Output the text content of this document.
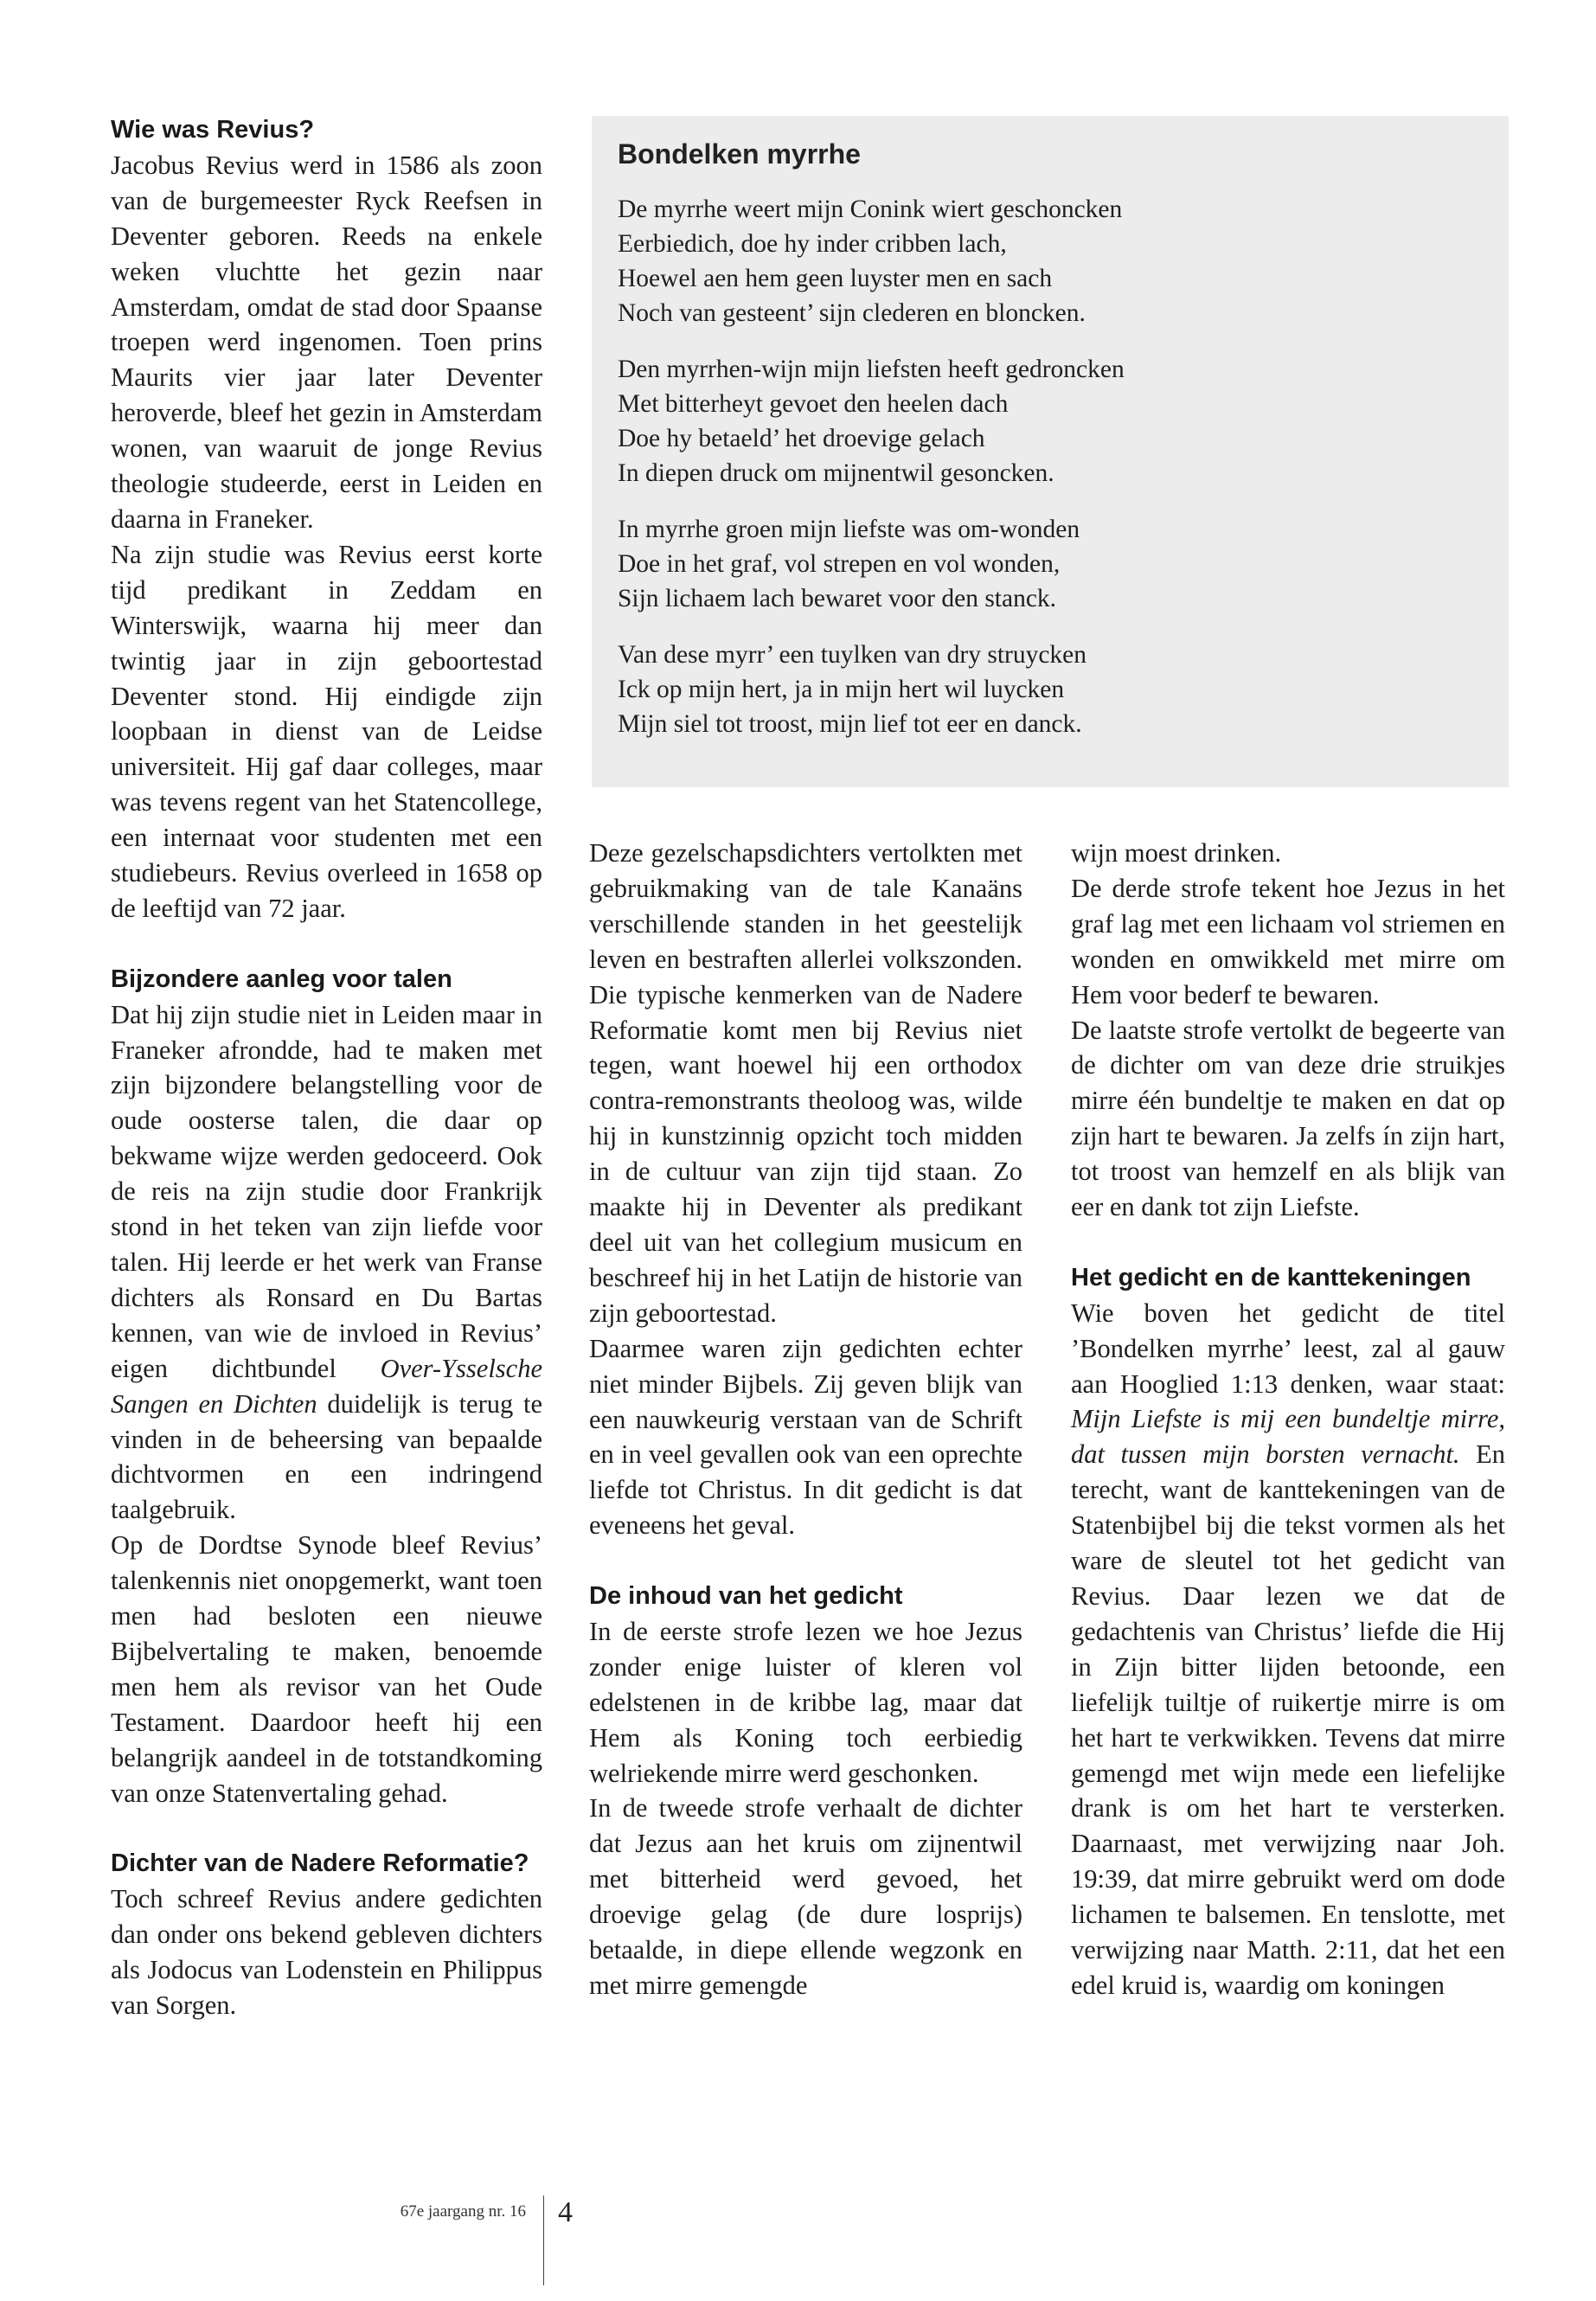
Wie was Revius?

Jacobus Revius werd in 1586 als zoon van de burgemeester Ryck Reefsen in Deventer geboren. Reeds na enkele weken vluchtte het gezin naar Amsterdam, omdat de stad door Spaanse troepen werd ingenomen. Toen prins Maurits vier jaar later Deventer heroverde, bleef het gezin in Amsterdam wonen, van waaruit de jonge Revius theologie studeerde, eerst in Leiden en daarna in Franeker.

Na zijn studie was Revius eerst korte tijd predikant in Zeddam en Winterswijk, waarna hij meer dan twintig jaar in zijn geboortestad Deventer stond. Hij eindigde zijn loopbaan in dienst van de Leidse universiteit. Hij gaf daar colleges, maar was tevens regent van het Statencollege, een internaat voor studenten met een studiebeurs. Revius overleed in 1658 op de leeftijd van 72 jaar.

Bijzondere aanleg voor talen

Dat hij zijn studie niet in Leiden maar in Franeker afrondde, had te maken met zijn bijzondere belangstelling voor de oude oosterse talen, die daar op bekwame wijze werden gedoceerd. Ook de reis na zijn studie door Frankrijk stond in het teken van zijn liefde voor talen. Hij leerde er het werk van Franse dichters als Ronsard en Du Bartas kennen, van wie de invloed in Revius’ eigen dichtbundel Over-Ysselsche Sangen en Dichten duidelijk is terug te vinden in de beheersing van bepaalde dichtvormen en een indringend taalgebruik.

Op de Dordtse Synode bleef Revius’ talenkennis niet onopgemerkt, want toen men had besloten een nieuwe Bijbelvertaling te maken, benoemde men hem als revisor van het Oude Testament. Daardoor heeft hij een belangrijk aandeel in de totstandkoming van onze Statenvertaling gehad.

Dichter van de Nadere Reformatie?

Toch schreef Revius andere gedichten dan onder ons bekend gebleven dichters als Jodocus van Lodenstein en Philippus van Sorgen.

Bondelken myrrhe

De myrrhe weert mijn Conink wiert geschoncken
Eerbiedich, doe hy inder cribben lach,
Hoewel aen hem geen luyster men en sach
Noch van gesteent’ sijn clederen en bloncken.
Den myrrhen-wijn mijn liefsten heeft gedroncken
Met bitterheyt gevoet den heelen dach
Doe hy betaeld’ het droevige gelach
In diepen druck om mijnentwil gesoncken.
In myrrhe groen mijn liefste was om-wonden
Doe in het graf, vol strepen en vol wonden,
Sijn lichaem lach bewaret voor den stanck.
Van dese myrr’ een tuylken van dry struycken
Ick op mijn hert, ja in mijn hert wil luycken
Mijn siel tot troost, mijn lief tot eer en danck.

Deze gezelschapsdichters vertolkten met gebruikmaking van de tale Kanaäns verschillende standen in het geestelijk leven en bestraften allerlei volkszonden. Die typische kenmerken van de Nadere Reformatie komt men bij Revius niet tegen, want hoewel hij een orthodox contra-remonstrants theoloog was, wilde hij in kunstzinnig opzicht toch midden in de cultuur van zijn tijd staan. Zo maakte hij in Deventer als predikant deel uit van het collegium musicum en beschreef hij in het Latijn de historie van zijn geboortestad.

Daarmee waren zijn gedichten echter niet minder Bijbels. Zij geven blijk van een nauwkeurig verstaan van de Schrift en in veel gevallen ook van een oprechte liefde tot Christus. In dit gedicht is dat eveneens het geval.

De inhoud van het gedicht

In de eerste strofe lezen we hoe Jezus zonder enige luister of kleren vol edelstenen in de kribbe lag, maar dat Hem als Koning toch eerbiedig welriekende mirre werd geschonken.

In de tweede strofe verhaalt de dichter dat Jezus aan het kruis om zijnentwil met bitterheid werd gevoed, het droevige gelag (de dure losprijs) betaalde, in diepe ellende wegzonk en met mirre gemengde

wijn moest drinken.

De derde strofe tekent hoe Jezus in het graf lag met een lichaam vol striemen en wonden en omwikkeld met mirre om Hem voor bederf te bewaren.

De laatste strofe vertolkt de begeerte van de dichter om van deze drie struikjes mirre één bundeltje te maken en dat op zijn hart te bewaren. Ja zelfs ín zijn hart, tot troost van hemzelf en als blijk van eer en dank tot zijn Liefste.

Het gedicht en de kanttekeningen

Wie boven het gedicht de titel ’Bondelken myrrhe’ leest, zal al gauw aan Hooglied 1:13 denken, waar staat: Mijn Liefste is mij een bundeltje mirre, dat tussen mijn borsten vernacht. En terecht, want de kanttekeningen van de Statenbijbel bij die tekst vormen als het ware de sleutel tot het gedicht van Revius. Daar lezen we dat de gedachtenis van Christus’ liefde die Hij in Zijn bitter lijden betoonde, een liefelijk tuiltje of ruikertje mirre is om het hart te verkwikken. Tevens dat mirre gemengd met wijn mede een liefelijke drank is om het hart te versterken. Daarnaast, met verwijzing naar Joh. 19:39, dat mirre gebruikt werd om dode lichamen te balsemen. En tenslotte, met verwijzing naar Matth. 2:11, dat het een edel kruid is, waardig om koningen

67e jaargang nr. 16 4
